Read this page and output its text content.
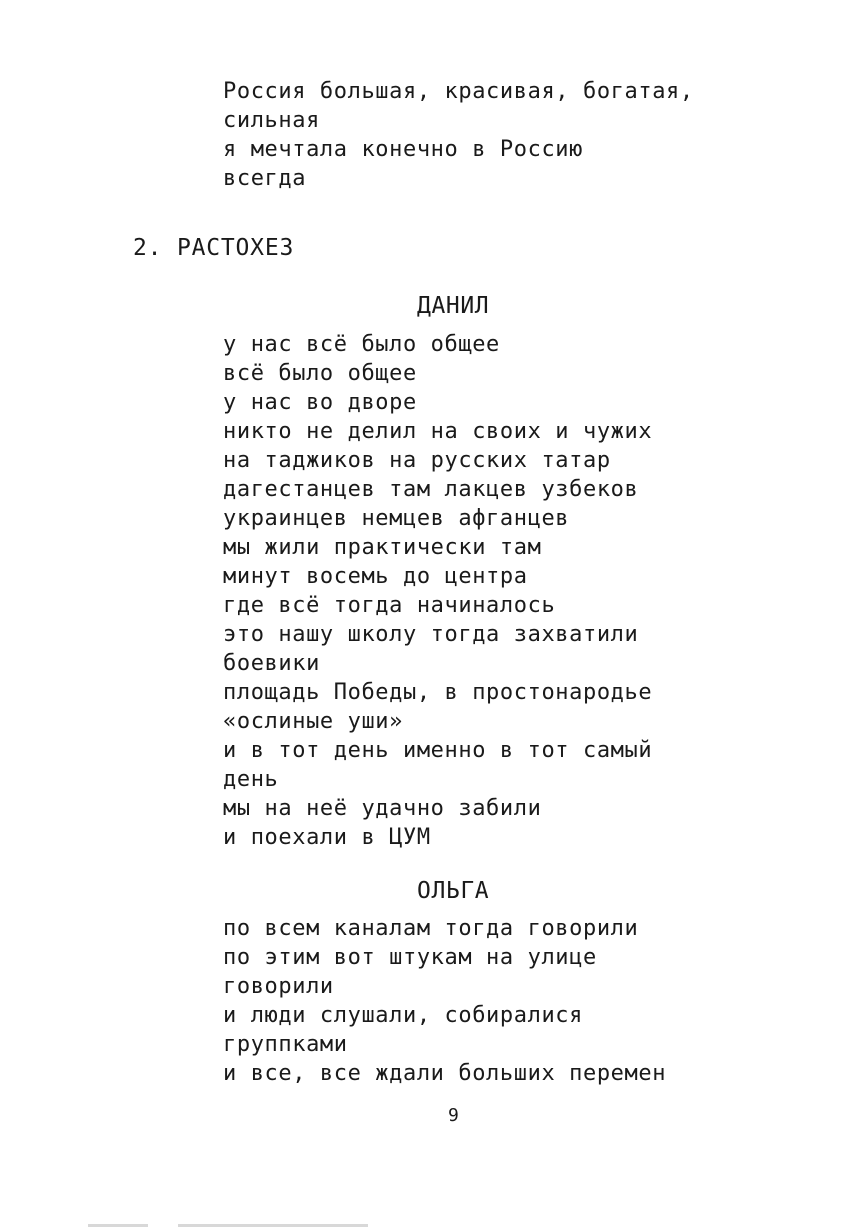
Россия большая, красивая, богатая,
сильная
я мечтала конечно в Россию
всегда
2. РАСТОХЕЗ
ДАНИЛ
у нас всё было общее
всё было общее
у нас во дворе
никто не делил на своих и чужих
на таджиков на русских татар
дагестанцев там лакцев узбеков
украинцев немцев афганцев
мы жили практически там
минут восемь до центра
где всё тогда начиналось
это нашу школу тогда захватили
боевики
площадь Победы, в простонародье
«ослиные уши»
и в тот день именно в тот самый
день
мы на неё удачно забили
и поехали в ЦУМ
ОЛЬГА
по всем каналам тогда говорили
по этим вот штукам на улице
говорили
и люди слушали, собиралися
группками
и все, все ждали больших перемен
9
